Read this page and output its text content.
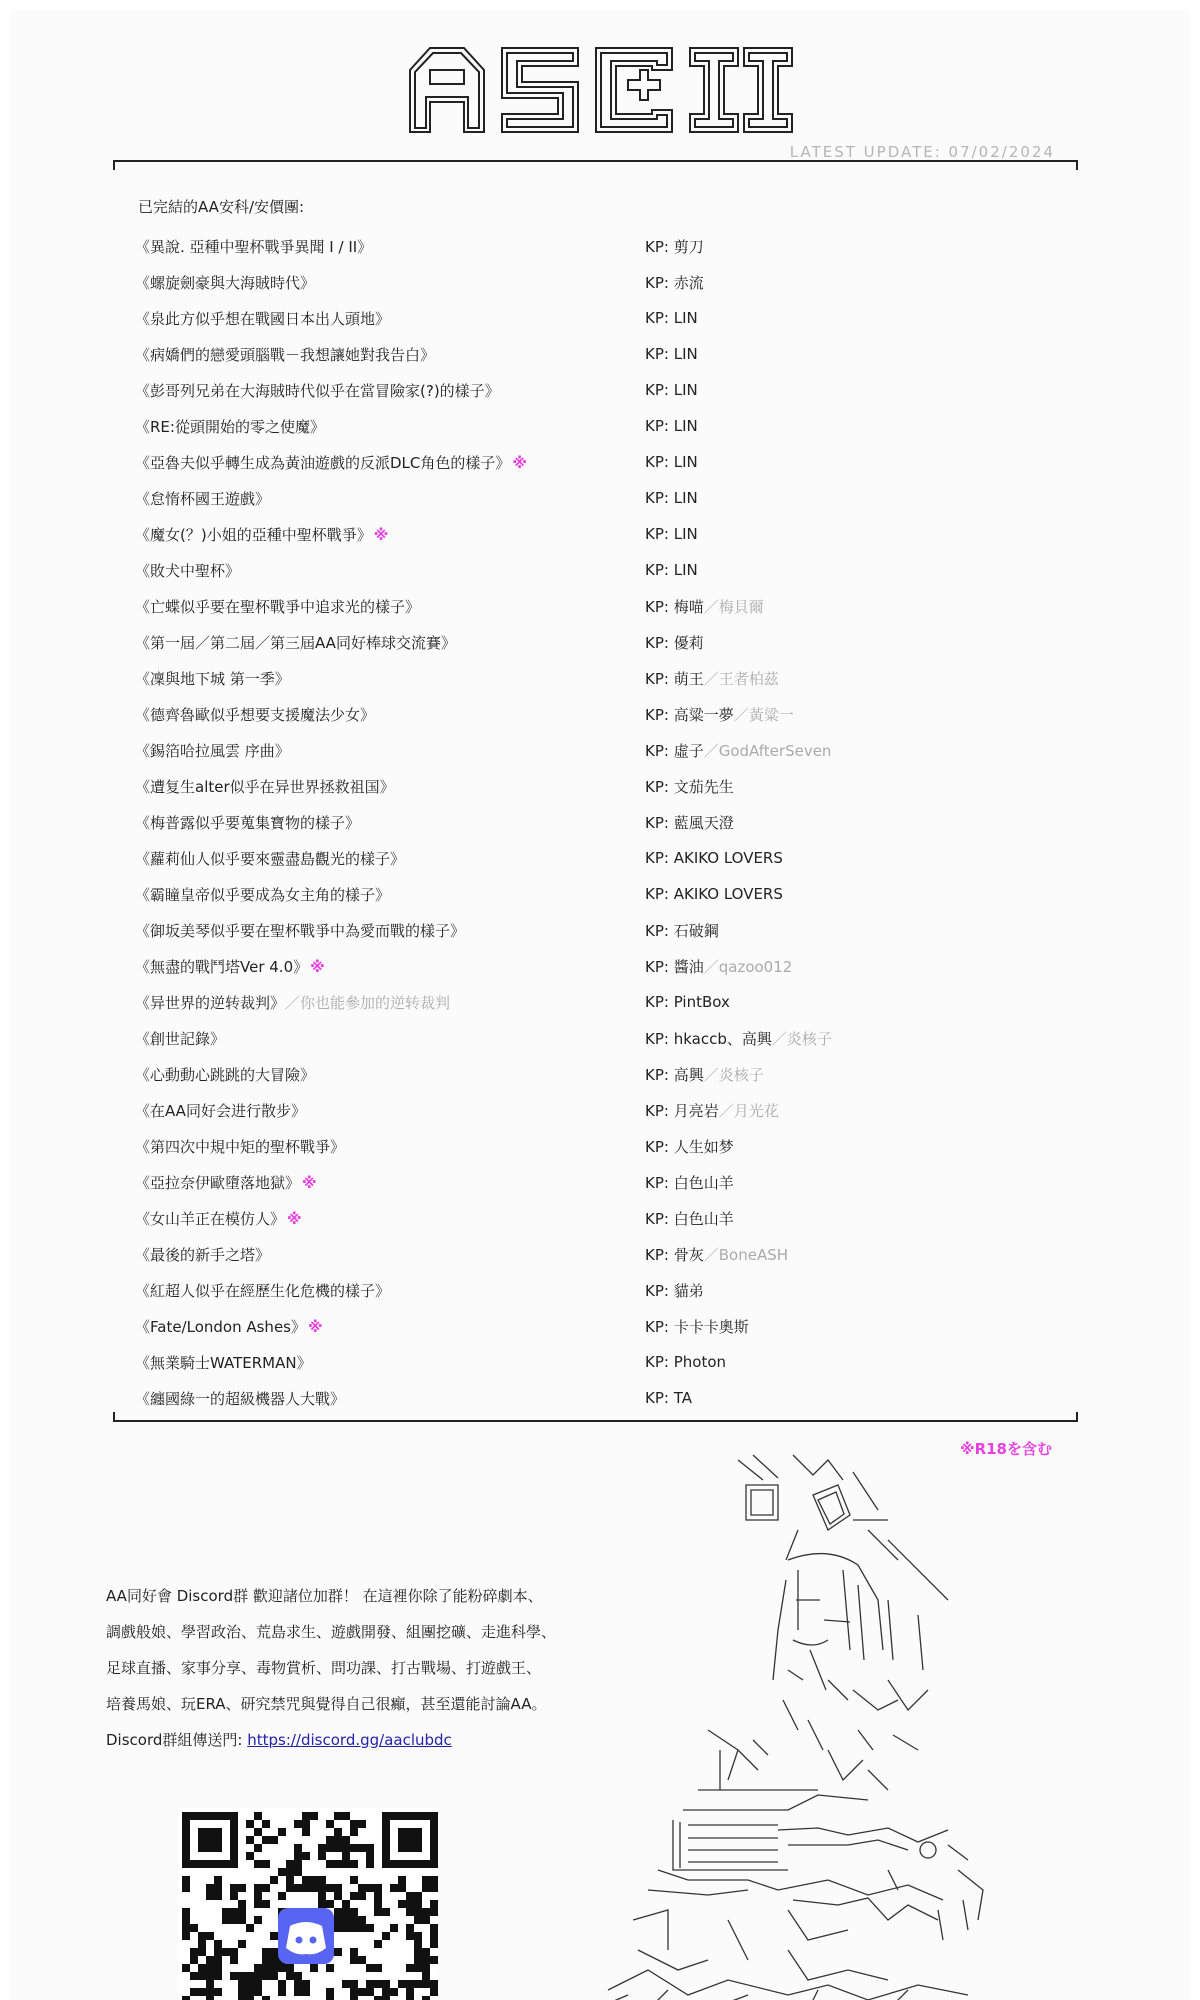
LATEST UPDATE: 07/02/2024
已完結的AA安科/安價團:
《異說. 亞種中聖杯戰爭異聞 I / II》	KP: 剪刀
《螺旋劍豪與大海賊時代》	KP: 赤流
《泉此方似乎想在戰國日本出人頭地》	KP: LIN
《病嬌們的戀愛頭腦戰－我想讓她對我告白》	KP: LIN
《彭哥列兄弟在大海賊時代似乎在當冒險家(?)的樣子》	KP: LIN
《RE:從頭開始的零之使魔》	KP: LIN
《亞魯夫似乎轉生成為黃油遊戲的反派DLC角色的樣子》 ※	KP: LIN
《怠惰杯國王遊戲》	KP: LIN
《魔女(？)小姐的亞種中聖杯戰爭》 ※	KP: LIN
《敗犬中聖杯》	KP: LIN
《亡蝶似乎要在聖杯戰爭中追求光的樣子》	KP: 梅喵／梅貝爾
《第一屆／第二屆／第三屆AA同好棒球交流賽》	KP: 優莉
《凜與地下城 第一季》	KP: 萌王／王者柏茲
《德齊魯歐似乎想要支援魔法少女》	KP: 高粱一夢／黃粱一
《錫箔哈拉風雲 序曲》	KP: 虛子／GodAfterSeven
《遭复生alter似乎在异世界拯救祖国》	KP: 文茄先生
《梅普露似乎要蒐集寶物的樣子》	KP: 藍風天澄
《蘿莉仙人似乎要來靈盡島觀光的樣子》	KP: AKIKO LOVERS
《霸瞳皇帝似乎要成為女主角的樣子》	KP: AKIKO LOVERS
《御坂美琴似乎要在聖杯戰爭中為愛而戰的樣子》	KP: 石破鋼
《無盡的戰鬥塔Ver 4.0》 ※	KP: 醬油／qazoo012
《异世界的逆转裁判》／你也能參加的逆转裁判	KP: PintBox
《創世記錄》	KP: hkaccb、高興／炎核子
《心動動心跳跳的大冒險》	KP: 高興／炎核子
《在AA同好会进行散步》	KP: 月亮岩／月光花
《第四次中規中矩的聖杯戰爭》	KP: 人生如梦
《亞拉奈伊歐墮落地獄》 ※	KP: 白色山羊
《女山羊正在模仿人》 ※	KP: 白色山羊
《最後的新手之塔》	KP: 骨灰／BoneASH
《紅超人似乎在經歷生化危機的樣子》	KP: 貓弟
《Fate/London Ashes》 ※	KP: 卡卡卡奧斯
《無業騎士WATERMAN》	KP: Photon
《纏國綠一的超級機器人大戰》	KP: TA
※R18を含む
AA同好會 Discord群 歡迎諸位加群！ 在這裡你除了能粉碎劇本、
調戲般娘、學習政治、荒島求生、遊戲開發、組團挖礦、走進科學、
足球直播、家事分享、毒物賞析、問功課、打古戰場、打遊戲王、
培養馬娘、玩ERA、研究禁咒與覺得自己很癲，甚至還能討論AA。
Discord群組傳送門: https://discord.gg/aaclubdc
